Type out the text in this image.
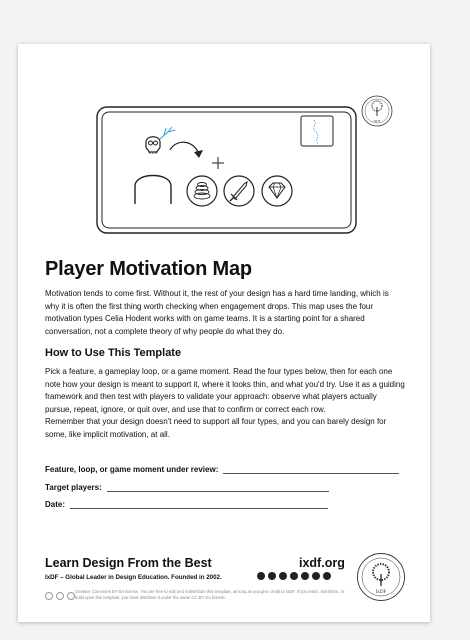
IxDF
Player Motivation Map

Motivation tends to come first. Without it, the rest of your design has a hard time landing, which is why it is often the first thing worth checking when engagement drops. This map uses the four motivation types Celia Hodent works with on game teams. It is a starting point for a shared conversation, not a complete theory of why people do what they do.

How to Use This Template

Pick a feature, a gameplay loop, or a game moment. Read the four types below, then for each one note how your design is meant to support it, where it looks thin, and what you'd try. Use it as a guiding framework and then test with players to validate your approach: observe what players actually pursue, repeat, ignore, or quit over, and use that to confirm or correct each row.

Remember that your design doesn't need to support all four types, and you can barely design for some, like implicit motivation, at all.

Feature, loop, or game moment under review:
Target players:
Date:

Learn Design From the Best	ixdf.org

IxDF – Global Leader in Design Education. Founded in 2002.

Creative Commons BY-SA license. You are free to edit and redistribute this template, as long as you give credit to IxDF. If you remix, transform, or build upon this template, you must distribute it under the same CC BY-SA license.

IxDF
